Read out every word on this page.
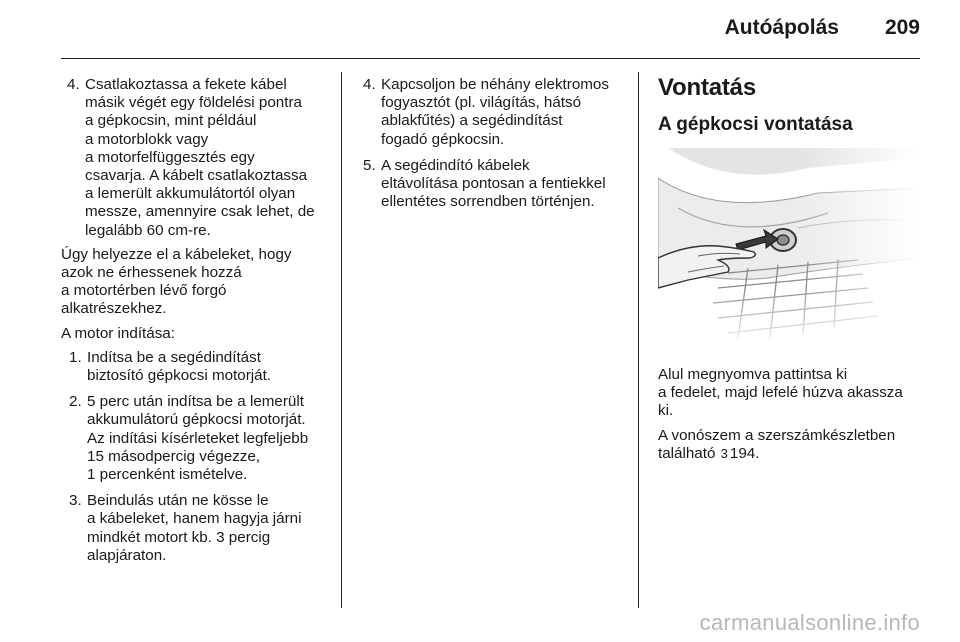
Autóápolás 209
4. Csatlakoztassa a fekete kábel
másik végét egy földelési pontra
a gépkocsin, mint például
a motorblokk vagy
a motorfelfüggesztés egy
csavarja. A kábelt csatlakoztassa
a lemerült akkumulátortól olyan
messze, amennyire csak lehet, de
legalább 60 cm-re.

Úgy helyezze el a kábeleket, hogy
azok ne érhessenek hozzá
a motortérben lévő forgó
alkatrészekhez.

A motor indítása:

1. Indítsa be a segédindítást
biztosító gépkocsi motorját.
2. 5 perc után indítsa be a lemerült
akkumulátorú gépkocsi motorját.
Az indítási kísérleteket legfeljebb
15 másodpercig végezze,
1 percenként ismételve.
3. Beindulás után ne kösse le
a kábeleket, hanem hagyja járni
mindkét motort kb. 3 percig
alapjáraton.
4. Kapcsoljon be néhány elektromos
fogyasztót (pl. világítás, hátsó
ablakfűtés) a segédindítást
fogadó gépkocsin.
5. A segédindító kábelek
eltávolítása pontosan a fentiekkel
ellentétes sorrendben történjen.
Vontatás
A gépkocsi vontatása

Alul megnyomva pattintsa ki
a fedelet, majd lefelé húzva akassza
ki.

A vonószem a szerszámkészletben
található 3 194.

carmanualsonline.info
